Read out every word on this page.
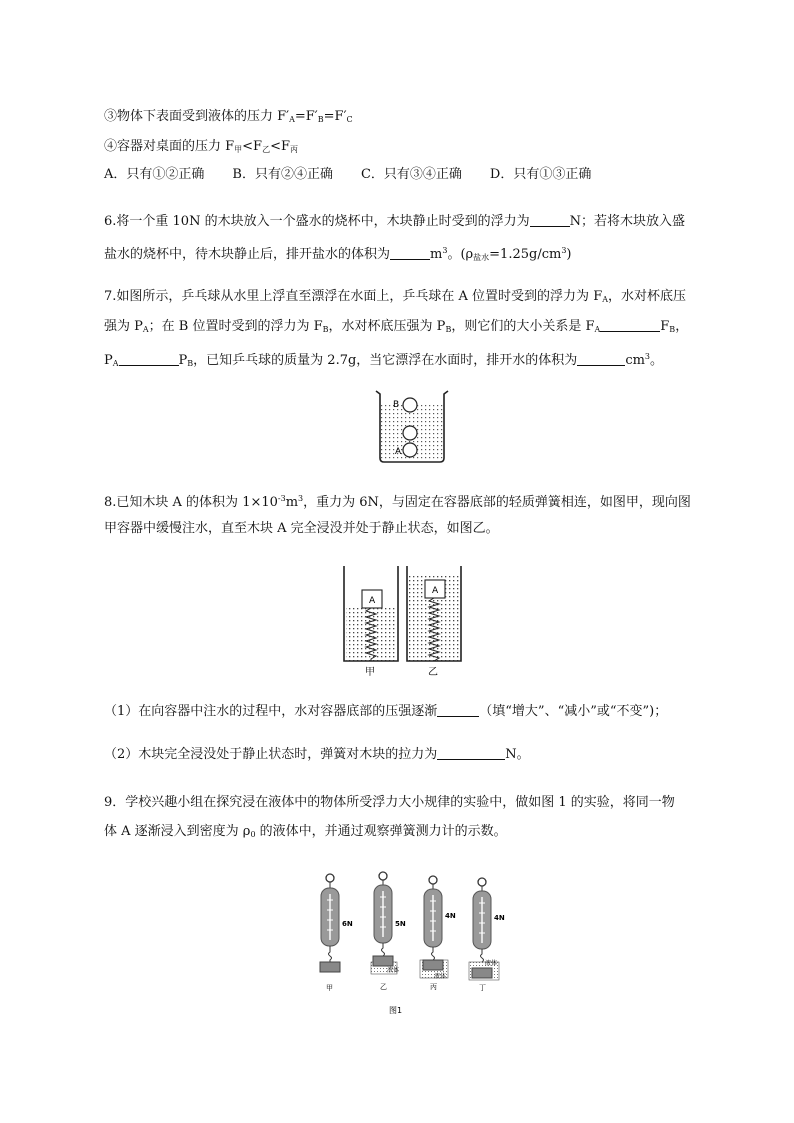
③物体下表面受到液体的压力 $F'_A=F'_B=F'_C$
④容器对桌面的压力 $F_甲<F_乙<F_丙$
A．只有①②正确 B．只有②④正确 C．只有③④正确 D．只有①③正确
6.将一个重 10N 的木块放入一个盛水的烧杯中，木块静止时受到的浮力为	N；若将木块放入盛
盐水的烧杯中，待木块静止后，排开盐水的体积为	$m^3$。$(\rho_{盐水}=1.25g/cm^3)$
7.如图所示，乒乓球从水里上浮直至漂浮在水面上，乒乓球在 A 位置时受到的浮力为 $F_A$，水对杯底压
强为 $P_A$；在 B 位置时受到的浮力为 $F_B$，水对杯底压强为 $P_B$，则它们的大小关系是 $F_A$	$F_B$，
$P_A$	$P_B$，已知乒乓球的质量为 2.7g，当它漂浮在水面时，排开水的体积为	$cm^3$。
B
A
8.已知木块 A 的体积为 $1\times 10^{-3}m^3$，重力为 6N，与固定在容器底部的轻质弹簧相连，如图甲，现向图
甲容器中缓慢注水，直至木块 A 完全浸没并处于静止状态，如图乙。
A
A
甲	乙
（1）在向容器中注水的过程中，水对容器底部的压强逐渐	（填“增大”、“减小”或“不变”)；
（2）木块完全浸没处于静止状态时，弹簧对木块的拉力为	N。
9．学校兴趣小组在探究浸在液体中的物体所受浮力大小规律的实验中，做如图 1 的实验，将同一物
体 A 逐渐浸入到密度为 $\rho_0$ 的液体中，并通过观察弹簧测力计的示数。
6N	5N
液体
4N
液体
4N
液体
甲	乙	丙	丁
图1
